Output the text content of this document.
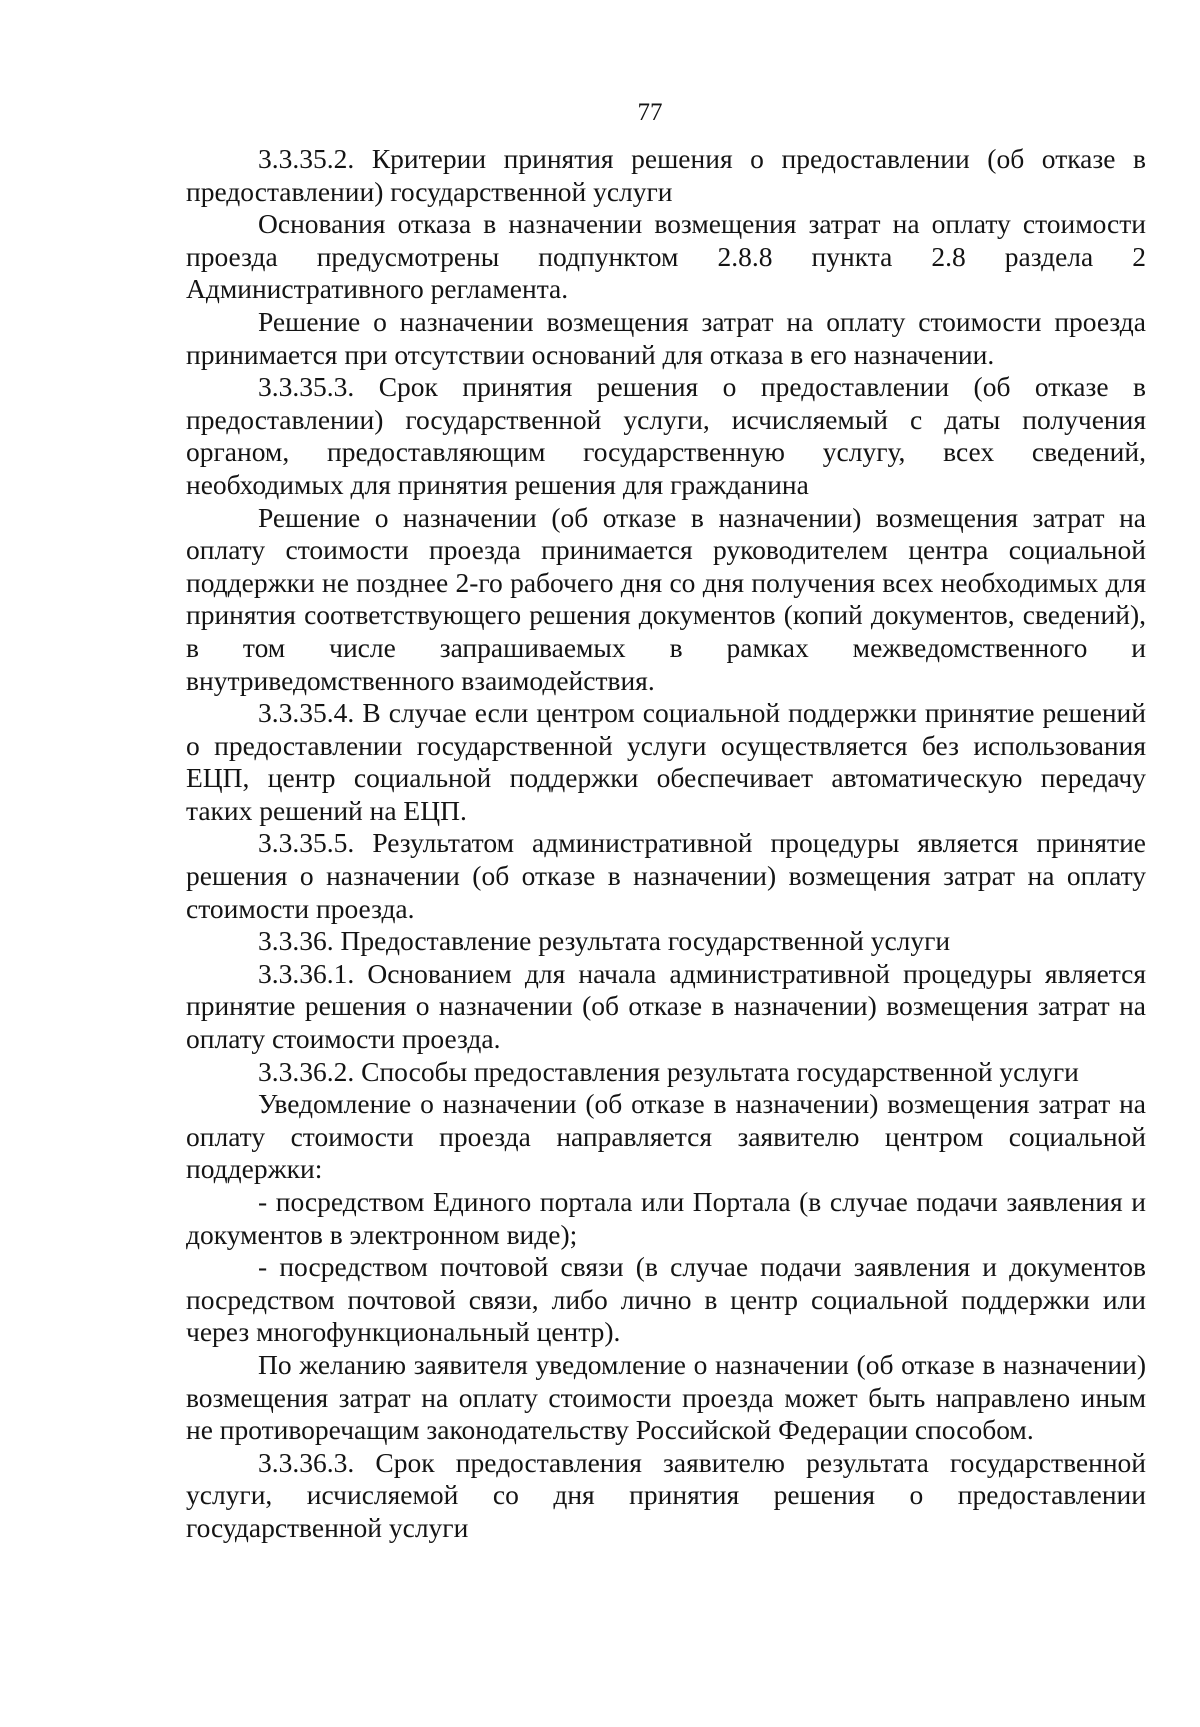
77

3.3.35.2. Критерии принятия решения о предоставлении (об отказе в предоставлении) государственной услуги

Основания отказа в назначении возмещения затрат на оплату стоимости проезда предусмотрены подпунктом 2.8.8 пункта 2.8 раздела 2 Административного регламента.

Решение о назначении возмещения затрат на оплату стоимости проезда принимается при отсутствии оснований для отказа в его назначении.

3.3.35.3. Срок принятия решения о предоставлении (об отказе в предоставлении) государственной услуги, исчисляемый с даты получения органом, предоставляющим государственную услугу, всех сведений, необходимых для принятия решения для гражданина

Решение о назначении (об отказе в назначении) возмещения затрат на оплату стоимости проезда принимается руководителем центра социальной поддержки не позднее 2-го рабочего дня со дня получения всех необходимых для принятия соответствующего решения документов (копий документов, сведений), в том числе запрашиваемых в рамках межведомственного и внутриведомственного взаимодействия.

3.3.35.4. В случае если центром социальной поддержки принятие решений о предоставлении государственной услуги осуществляется без использования ЕЦП, центр социальной поддержки обеспечивает автоматическую передачу таких решений на ЕЦП.

3.3.35.5. Результатом административной процедуры является принятие решения о назначении (об отказе в назначении) возмещения затрат на оплату стоимости проезда.

3.3.36. Предоставление результата государственной услуги

3.3.36.1. Основанием для начала административной процедуры является принятие решения о назначении (об отказе в назначении) возмещения затрат на оплату стоимости проезда.

3.3.36.2. Способы предоставления результата государственной услуги

Уведомление о назначении (об отказе в назначении) возмещения затрат на оплату стоимости проезда направляется заявителю центром социальной поддержки:

- посредством Единого портала или Портала (в случае подачи заявления и документов в электронном виде);

- посредством почтовой связи (в случае подачи заявления и документов посредством почтовой связи, либо лично в центр социальной поддержки или через многофункциональный центр).

По желанию заявителя уведомление о назначении (об отказе в назначении) возмещения затрат на оплату стоимости проезда может быть направлено иным не противоречащим законодательству Российской Федерации способом.

3.3.36.3. Срок предоставления заявителю результата государственной услуги, исчисляемой со дня принятия решения о предоставлении государственной услуги
